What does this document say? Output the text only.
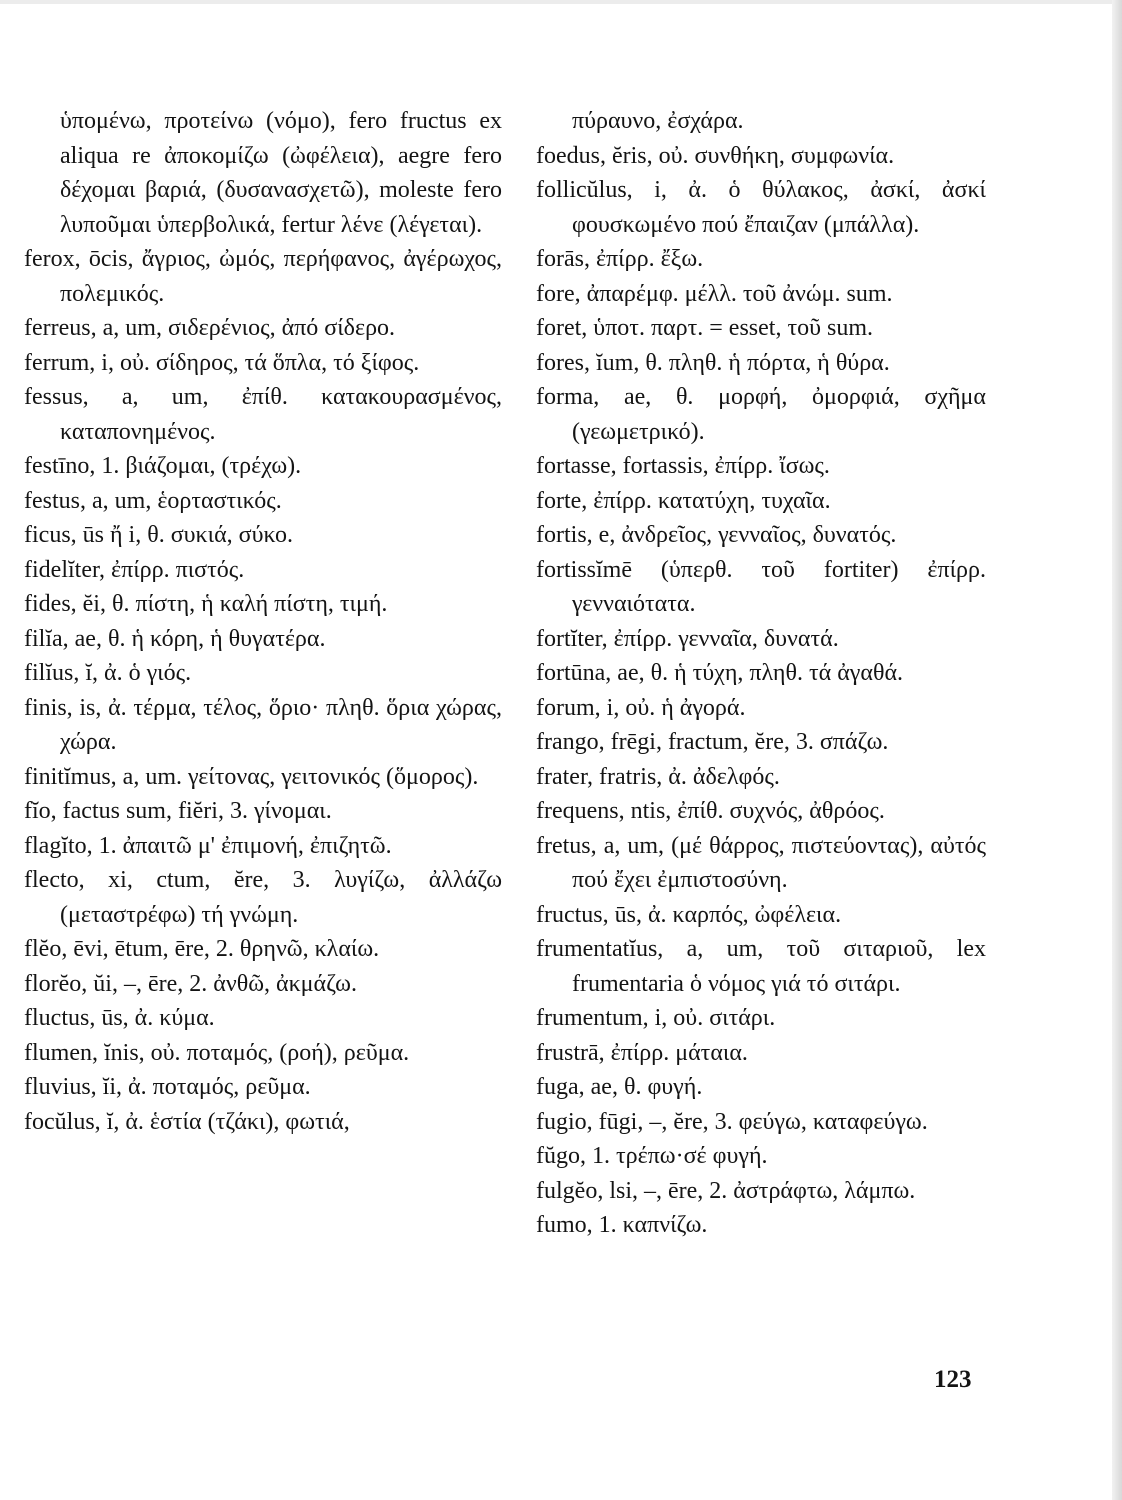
ὑπομένω, προτείνω (νόμο), fero fructus ex aliqua re ἀποκομίζω (ὠφέλεια), aegre fero δέχομαι βαριά, (δυσανασχετῶ), moleste fero λυποῦμαι ὑπερβολικά, fertur λένε (λέγεται).
ferox, ōcis, ἄγριος, ὠμός, περήφανος, ἀγέρωχος, πολεμικός.
ferreus, a, um, σιδερένιος, ἀπό σίδερο.
ferrum, i, οὐ. σίδηρος, τά ὅπλα, τό ξίφος.
fessus, a, um, ἐπίθ. κατακουρασμένος, καταπονημένος.
festīno, 1. βιάζομαι, (τρέχω).
festus, a, um, ἑορταστικός.
ficus, ūs ἤ i, θ. συκιά, σύκο.
fidelĭter, ἐπίρρ. πιστός.
fides, ĕi, θ. πίστη, ἡ καλή πίστη, τιμή.
filĭa, ae, θ. ἡ κόρη, ἡ θυγατέρα.
filĭus, ĭ, ἀ. ὁ γιός.
finis, is, ἀ. τέρμα, τέλος, ὅριο· πληθ. ὅρια χώρας, χώρα.
finitĭmus, a, um. γείτονας, γειτονικός (ὅμορος).
fĭo, factus sum, fiĕri, 3. γίνομαι.
flagĭto, 1. ἀπαιτῶ μ' ἐπιμονή, ἐπιζητῶ.
flecto, xi, ctum, ĕre, 3. λυγίζω, ἀλλάζω (μεταστρέφω) τή γνώμη.
flĕo, ēvi, ētum, ēre, 2. θρηνῶ, κλαίω.
florĕo, ŭi, –, ēre, 2. ἀνθῶ, ἀκμάζω.
fluctus, ūs, ἀ. κύμα.
flumen, ĭnis, οὐ. ποταμός, (ροή), ρεῦμα.
fluvius, ĭi, ἀ. ποταμός, ρεῦμα.
focŭlus, ĭ, ἀ. ἑστία (τζάκι), φωτιά,
πύραυνο, ἐσχάρα.
foedus, ĕris, οὐ. συνθήκη, συμφωνία.
follicŭlus, i, ἀ. ὁ θύλακος, ἀσκί, ἀσκί φουσκωμένο πού ἔπαιζαν (μπάλλα).
forās, ἐπίρρ. ἔξω.
fore, ἀπαρέμφ. μέλλ. τοῦ ἀνώμ. sum.
foret, ὑποτ. παρτ. = esset, τοῦ sum.
fores, ĭum, θ. πληθ. ἡ πόρτα, ἡ θύρα.
forma, ae, θ. μορφή, ὀμορφιά, σχῆμα (γεωμετρικό).
fortasse, fortassis, ἐπίρρ. ἴσως.
forte, ἐπίρρ. κατατύχη, τυχαῖα.
fortis, e, ἀνδρεῖος, γενναῖος, δυνατός.
fortissĭmē (ὑπερθ. τοῦ fortiter) ἐπίρρ. γενναιότατα.
fortĭter, ἐπίρρ. γενναῖα, δυνατά.
fortūna, ae, θ. ἡ τύχη, πληθ. τά ἀγαθά.
forum, i, οὐ. ἡ ἀγορά.
frango, frēgi, fractum, ĕre, 3. σπάζω.
frater, fratris, ἀ. ἀδελφός.
frequens, ntis, ἐπίθ. συχνός, ἀθρόος.
fretus, a, um, (μέ θάρρος, πιστεύοντας), αὐτός πού ἔχει ἐμπιστοσύνη.
fructus, ūs, ἀ. καρπός, ὠφέλεια.
frumentatĭus, a, um, τοῦ σιταριοῦ, lex frumentaria ὁ νόμος γιά τό σιτάρι.
frumentum, i, οὐ. σιτάρι.
frustrā, ἐπίρρ. μάταια.
fuga, ae, θ. φυγή.
fugio, fūgi, –, ĕre, 3. φεύγω, καταφεύγω.
fŭgo, 1. τρέπω·σέ φυγή.
fulgĕo, lsi, –, ēre, 2. ἀστράφτω, λάμπω.
fumo, 1. καπνίζω.
123
